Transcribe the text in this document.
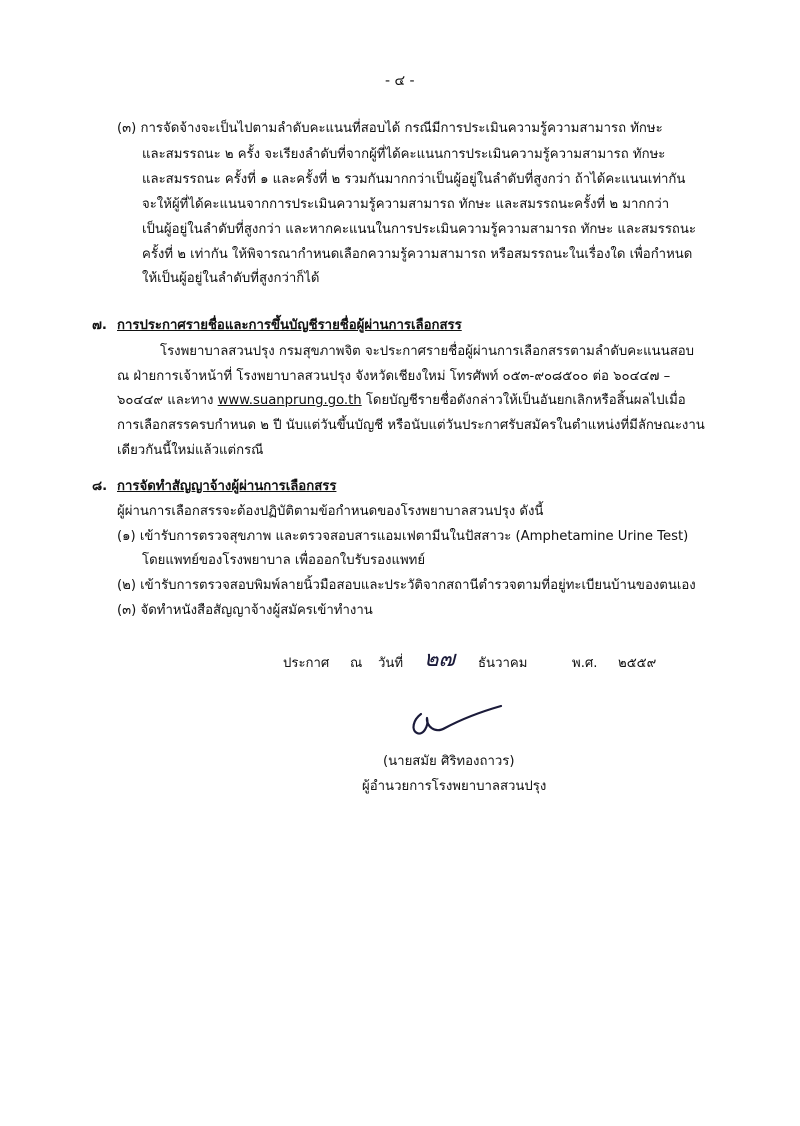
- ๔ -
(๓) การจัดจ้างจะเป็นไปตามลำดับคะแนนที่สอบได้ กรณีมีการประเมินความรู้ความสามารถ ทักษะ
และสมรรถนะ ๒ ครั้ง จะเรียงลำดับที่จากผู้ที่ได้คะแนนการประเมินความรู้ความสามารถ ทักษะ
และสมรรถนะ ครั้งที่ ๑ และครั้งที่ ๒ รวมกันมากกว่าเป็นผู้อยู่ในลำดับที่สูงกว่า ถ้าได้คะแนนเท่ากัน
จะให้ผู้ที่ได้คะแนนจากการประเมินความรู้ความสามารถ ทักษะ และสมรรถนะครั้งที่ ๒ มากกว่า
เป็นผู้อยู่ในลำดับที่สูงกว่า และหากคะแนนในการประเมินความรู้ความสามารถ ทักษะ และสมรรถนะ
ครั้งที่ ๒ เท่ากัน ให้พิจารณากำหนดเลือกความรู้ความสามารถ หรือสมรรถนะในเรื่องใด เพื่อกำหนด
ให้เป็นผู้อยู่ในลำดับที่สูงกว่าก็ได้
๗. การประกาศรายชื่อและการขึ้นบัญชีรายชื่อผู้ผ่านการเลือกสรร
โรงพยาบาลสวนปรุง กรมสุขภาพจิต จะประกาศรายชื่อผู้ผ่านการเลือกสรรตามลำดับคะแนนสอบ
ณ ฝ่ายการเจ้าหน้าที่ โรงพยาบาลสวนปรุง จังหวัดเชียงใหม่ โทรศัพท์ ๐๕๓-๙๐๘๕๐๐ ต่อ ๖๐๔๔๗ –
๖๐๔๔๙ และทาง www.suanprung.go.th โดยบัญชีรายชื่อดังกล่าวให้เป็นอันยกเลิกหรือสิ้นผลไปเมื่อ
การเลือกสรรครบกำหนด ๒ ปี นับแต่วันขึ้นบัญชี หรือนับแต่วันประกาศรับสมัครในตำแหน่งที่มีลักษณะงาน
เดียวกันนี้ใหม่แล้วแต่กรณี
๘. การจัดทำสัญญาจ้างผู้ผ่านการเลือกสรร
ผู้ผ่านการเลือกสรรจะต้องปฏิบัติตามข้อกำหนดของโรงพยาบาลสวนปรุง ดังนี้
(๑) เข้ารับการตรวจสุขภาพ และตรวจสอบสารแอมเฟตามีนในปัสสาวะ (Amphetamine Urine Test)
โดยแพทย์ของโรงพยาบาล เพื่อออกใบรับรองแพทย์
(๒) เข้ารับการตรวจสอบพิมพ์ลายนิ้วมือสอบและประวัติจากสถานีตำรวจตามที่อยู่ทะเบียนบ้านของตนเอง
(๓) จัดทำหนังสือสัญญาจ้างผู้สมัครเข้าทำงาน
ประกาศ ณ วันที่ ๒๗ ธันวาคม	พ.ศ. ๒๕๕๙
(นายสมัย ศิริทองถาวร)
ผู้อำนวยการโรงพยาบาลสวนปรุง
